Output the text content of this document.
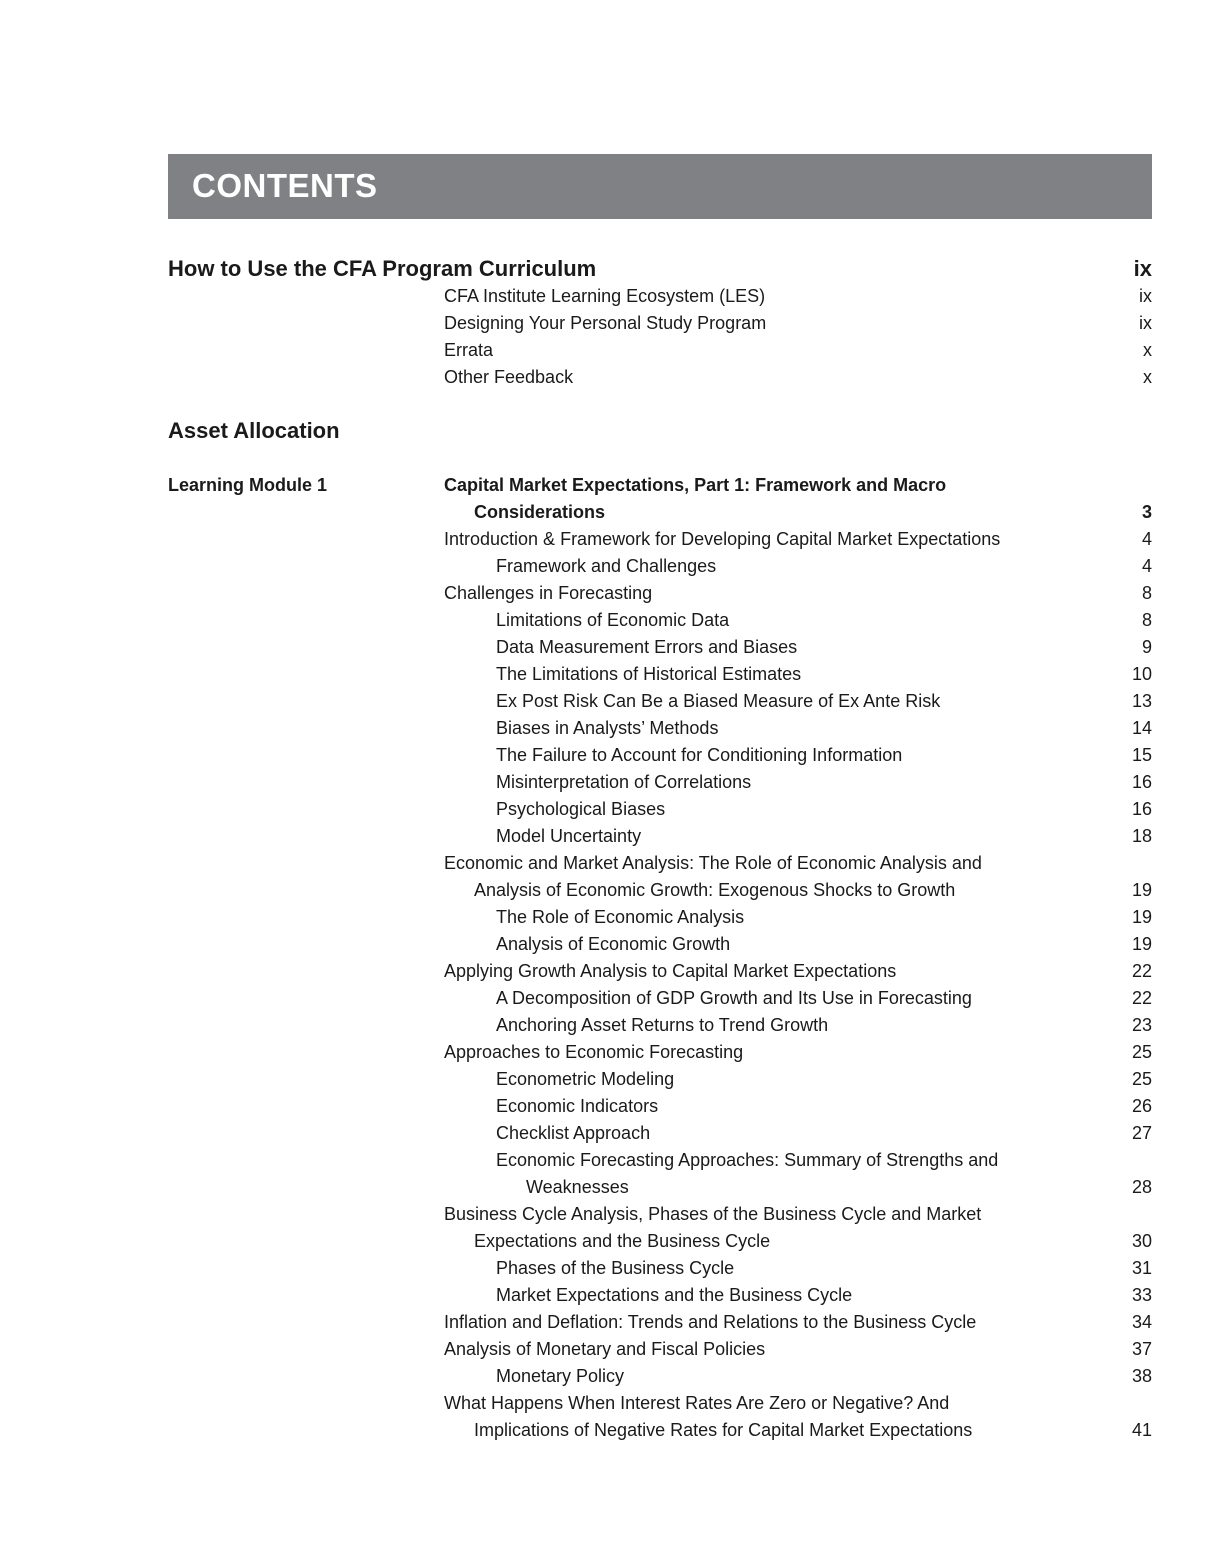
CONTENTS
How to Use the CFA Program Curriculum	ix
CFA Institute Learning Ecosystem (LES)	ix
Designing Your Personal Study Program	ix
Errata	x
Other Feedback	x
Asset Allocation
Learning Module 1	Capital Market Expectations, Part 1: Framework and Macro
Considerations	3
Introduction & Framework for Developing Capital Market Expectations	4
Framework and Challenges	4
Challenges in Forecasting	8
Limitations of Economic Data	8
Data Measurement Errors and Biases	9
The Limitations of Historical Estimates	10
Ex Post Risk Can Be a Biased Measure of Ex Ante Risk	13
Biases in Analysts’ Methods	14
The Failure to Account for Conditioning Information	15
Misinterpretation of Correlations	16
Psychological Biases	16
Model Uncertainty	18
Economic and Market Analysis: The Role of Economic Analysis and
Analysis of Economic Growth: Exogenous Shocks to Growth	19
The Role of Economic Analysis	19
Analysis of Economic Growth	19
Applying Growth Analysis to Capital Market Expectations	22
A Decomposition of GDP Growth and Its Use in Forecasting	22
Anchoring Asset Returns to Trend Growth	23
Approaches to Economic Forecasting	25
Econometric Modeling	25
Economic Indicators	26
Checklist Approach	27
Economic Forecasting Approaches: Summary of Strengths and
Weaknesses	28
Business Cycle Analysis, Phases of the Business Cycle and Market
Expectations and the Business Cycle	30
Phases of the Business Cycle	31
Market Expectations and the Business Cycle	33
Inflation and Deflation: Trends and Relations to the Business Cycle	34
Analysis of Monetary and Fiscal Policies	37
Monetary Policy	38
What Happens When Interest Rates Are Zero or Negative? And
Implications of Negative Rates for Capital Market Expectations	41
